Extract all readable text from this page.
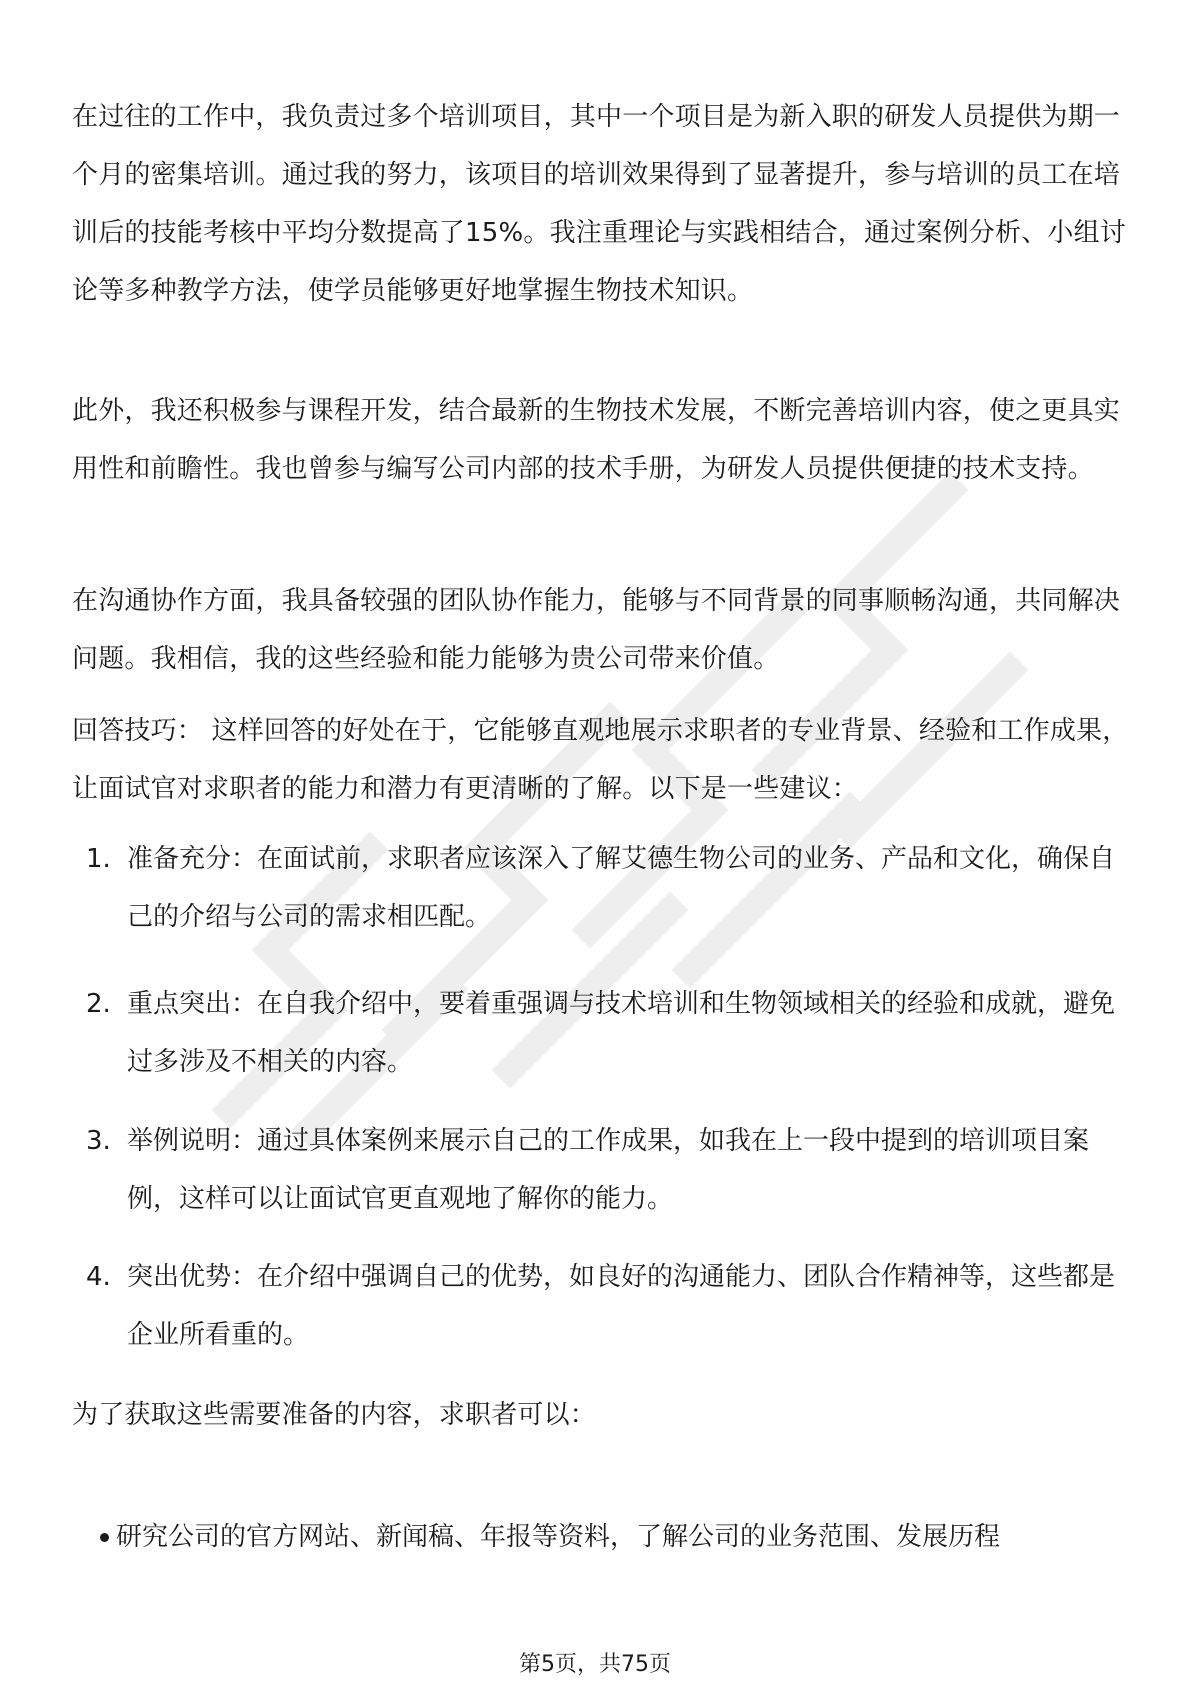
在过往的工作中，我负责过多个培训项目，其中一个项目是为新入职的研发人员提供为期一个月的密集培训。通过我的努力，该项目的培训效果得到了显著提升，参与培训的员工在培训后的技能考核中平均分数提高了15%。我注重理论与实践相结合，通过案例分析、小组讨论等多种教学方法，使学员能够更好地掌握生物技术知识。

此外，我还积极参与课程开发，结合最新的生物技术发展，不断完善培训内容，使之更具实用性和前瞻性。我也曾参与编写公司内部的技术手册，为研发人员提供便捷的技术支持。

在沟通协作方面，我具备较强的团队协作能力，能够与不同背景的同事顺畅沟通，共同解决问题。我相信，我的这些经验和能力能够为贵公司带来价值。

回答技巧： 这样回答的好处在于，它能够直观地展示求职者的专业背景、经验和工作成果，让面试官对求职者的能力和潜力有更清晰的了解。以下是一些建议：

1. 准备充分：在面试前，求职者应该深入了解艾德生物公司的业务、产品和文化，确保自己的介绍与公司的需求相匹配。
2. 重点突出：在自我介绍中，要着重强调与技术培训和生物领域相关的经验和成就，避免过多涉及不相关的内容。
3. 举例说明：通过具体案例来展示自己的工作成果，如我在上一段中提到的培训项目案例，这样可以让面试官更直观地了解你的能力。
4. 突出优势：在介绍中强调自己的优势，如良好的沟通能力、团队合作精神等，这些都是企业所看重的。

为了获取这些需要准备的内容，求职者可以：

研究公司的官方网站、新闻稿、年报等资料，了解公司的业务范围、发展历程
第5页，共75页
